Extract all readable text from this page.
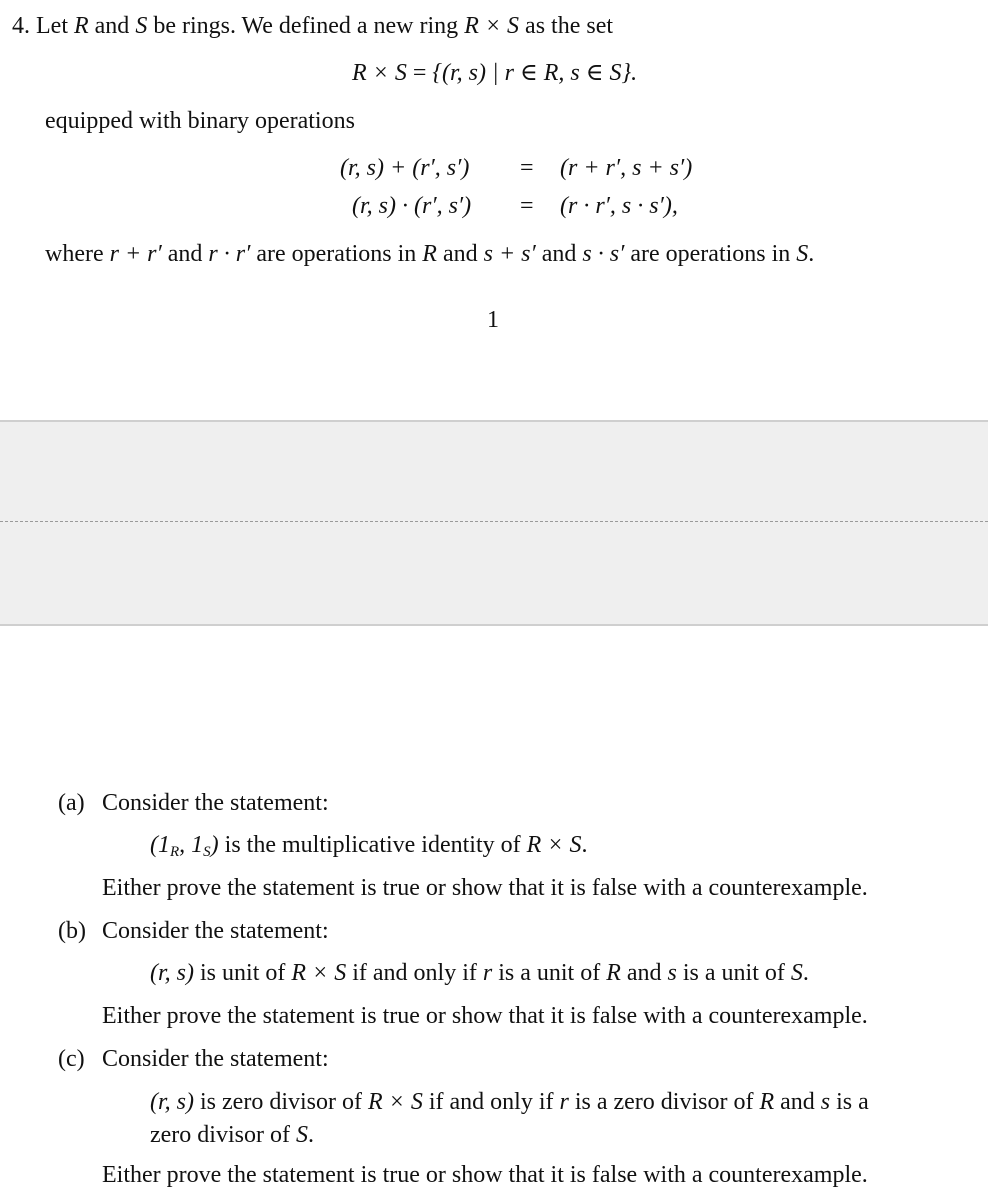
4. Let R and S be rings. We defined a new ring R × S as the set
R × S = {(r, s) | r ∈ R, s ∈ S}.
equipped with binary operations
(r, s) + (r′, s′) = (r + r′, s + s′)
(r, s) · (r′, s′) = (r · r′, s · s′),
where r + r′ and r · r′ are operations in R and s + s′ and s · s′ are operations in S.
1
(a) Consider the statement:
($1_R$, $1_S$) is the multiplicative identity of R × S.
Either prove the statement is true or show that it is false with a counterexample.
(b) Consider the statement:
(r, s) is unit of R × S if and only if r is a unit of R and s is a unit of S.
Either prove the statement is true or show that it is false with a counterexample.
(c) Consider the statement:
(r, s) is zero divisor of R × S if and only if r is a zero divisor of R and s is a
zero divisor of S.
Either prove the statement is true or show that it is false with a counterexample.
